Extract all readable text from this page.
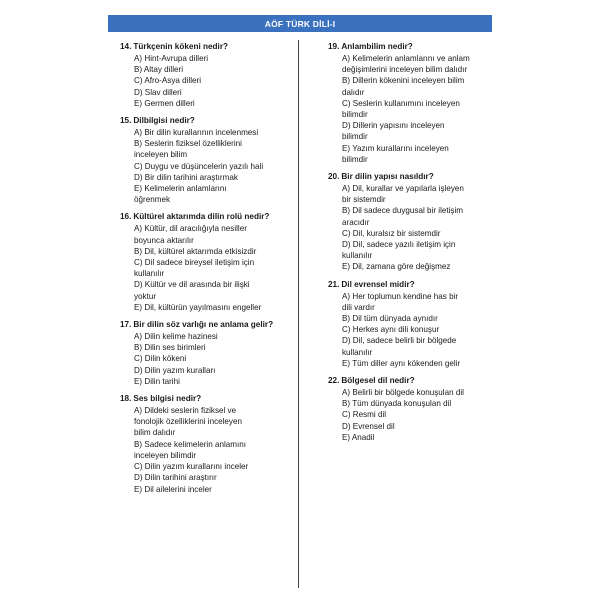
AÖF TÜRK DİLİ-I
14. Türkçenin kökeni nedir?
A) Hint-Avrupa dilleri
B) Altay dilleri
C) Afro-Asya dilleri
D) Slav dilleri
E) Germen dilleri
15. Dilbilgisi nedir?
A) Bir dilin kurallarının incelenmesi
B) Seslerin fiziksel özelliklerini
inceleyen bilim
C) Duygu ve düşüncelerin yazılı hali
D) Bir dilin tarihini araştırmak
E) Kelimelerin anlamlarını
öğrenmek
16. Kültürel aktarımda dilin rolü nedir?
A) Kültür, dil aracılığıyla nesiller
boyunca aktarılır
B) Dil, kültürel aktarımda etkisizdir
C) Dil sadece bireysel iletişim için
kullanılır
D) Kültür ve dil arasında bir ilişki
yoktur
E) Dil, kültürün yayılmasını engeller
17. Bir dilin söz varlığı ne anlama gelir?
A) Dilin kelime hazinesi
B) Dilin ses birimleri
C) Dilin kökeni
D) Dilin yazım kuralları
E) Dilin tarihi
18. Ses bilgisi nedir?
A) Dildeki seslerin fiziksel ve
fonolojik özelliklerini inceleyen
bilim dalıdır
B) Sadece kelimelerin anlamını
inceleyen bilimdir
C) Dilin yazım kurallarını inceler
D) Dilin tarihini araştırır
E) Dil ailelerini inceler
19. Anlambilim nedir?
A) Kelimelerin anlamlarını ve anlam
değişimlerini inceleyen bilim dalıdır
B) Dillerin kökenini inceleyen bilim
dalıdır
C) Seslerin kullanımını inceleyen
bilimdir
D) Dillerin yapısını inceleyen
bilimdir
E) Yazım kurallarını inceleyen
bilimdir
20. Bir dilin yapısı nasıldır?
A) Dil, kurallar ve yapılarla işleyen
bir sistemdir
B) Dil sadece duygusal bir iletişim
aracıdır
C) Dil, kuralsız bir sistemdir
D) Dil, sadece yazılı iletişim için
kullanılır
E) Dil, zamana göre değişmez
21. Dil evrensel midir?
A) Her toplumun kendine has bir
dili vardır
B) Dil tüm dünyada aynıdır
C) Herkes aynı dili konuşur
D) Dil, sadece belirli bir bölgede
kullanılır
E) Tüm diller aynı kökenden gelir
22. Bölgesel dil nedir?
A) Belirli bir bölgede konuşulan dil
B) Tüm dünyada konuşulan dil
C) Resmi dil
D) Evrensel dil
E) Anadil
